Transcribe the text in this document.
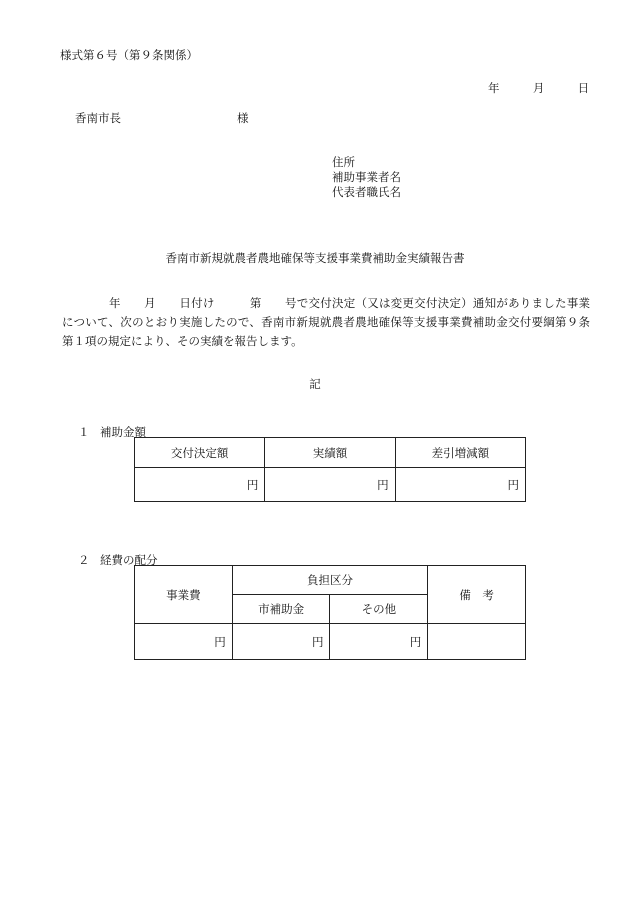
様式第６号（第９条関係）
年	月	日
香南市長	様
住所
補助事業者名
代表者職氏名
香南市新規就農者農地確保等支援事業費補助金実績報告書
　　　　年　　月　　日付け　　　第　　号で交付決定（又は変更交付決定）通知がありました事業について、次のとおり実施したので、香南市新規就農者農地確保等支援事業費補助金交付要綱第９条第１項の規定により、その実績を報告します。
記
１ 補助金額
交付決定額	実績額	差引増減額
円	円	円
２ 経費の配分
事業費	負担区分		備　考
	市補助金	その他	
円	円	円	
